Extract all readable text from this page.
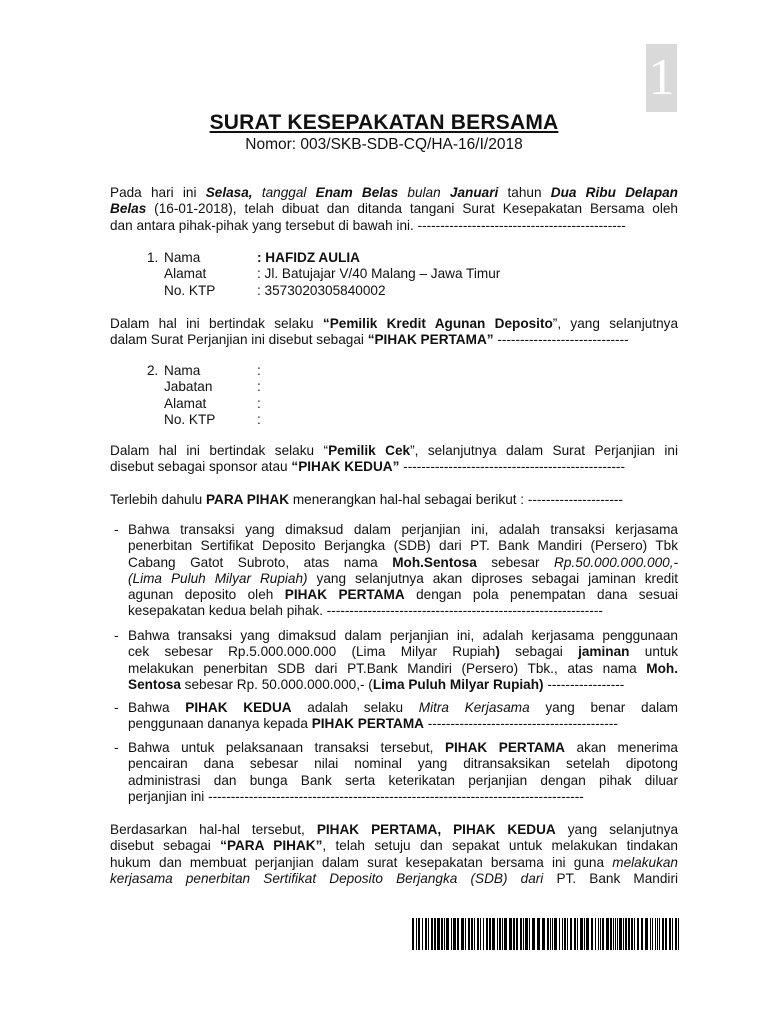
1
SURAT KESEPAKATAN BERSAMA
Nomor: 003/SKB-SDB-CQ/HA-16/I/2018
Pada hari ini Selasa, tanggal Enam Belas bulan Januari tahun Dua Ribu Delapan
Belas (16-01-2018), telah dibuat dan ditanda tangani Surat Kesepakatan Bersama oleh
dan antara pihak-pihak yang tersebut di bawah ini. ----------------------------------------------
1. Nama	: HAFIDZ AULIA
Alamat	: Jl. Batujajar V/40 Malang – Jawa Timur
No. KTP	: 3573020305840002
Dalam hal ini bertindak selaku “Pemilik Kredit Agunan Deposito”, yang selanjutnya
dalam Surat Perjanjian ini disebut sebagai “PIHAK PERTAMA” -----------------------------
2. Nama	:
Jabatan	:
Alamat	:
No. KTP	:
Dalam hal ini bertindak selaku “Pemilik Cek”, selanjutnya dalam Surat Perjanjian ini
disebut sebagai sponsor atau “PIHAK KEDUA” -------------------------------------------------
Terlebih dahulu PARA PIHAK menerangkan hal-hal sebagai berikut : ---------------------
- Bahwa transaksi yang dimaksud dalam perjanjian ini, adalah transaksi kerjasama
penerbitan Sertifikat Deposito Berjangka (SDB) dari PT. Bank Mandiri (Persero) Tbk
Cabang Gatot Subroto, atas nama Moh.Sentosa sebesar Rp.50.000.000.000,-
(Lima Puluh Milyar Rupiah) yang selanjutnya akan diproses sebagai jaminan kredit
agunan deposito oleh PIHAK PERTAMA dengan pola penempatan dana sesuai
kesepakatan kedua belah pihak. -------------------------------------------------------------
- Bahwa transaksi yang dimaksud dalam perjanjian ini, adalah kerjasama penggunaan
cek sebesar Rp.5.000.000.000 (Lima Milyar Rupiah) sebagai jaminan untuk
melakukan penerbitan SDB dari PT.Bank Mandiri (Persero) Tbk., atas nama Moh.
Sentosa sebesar Rp. 50.000.000.000,- (Lima Puluh Milyar Rupiah) -----------------
- Bahwa PIHAK KEDUA adalah selaku Mitra Kerjasama yang benar dalam
penggunaan dananya kepada PIHAK PERTAMA ------------------------------------------
- Bahwa untuk pelaksanaan transaksi tersebut, PIHAK PERTAMA akan menerima
pencairan dana sebesar nilai nominal yang ditransaksikan setelah dipotong
administrasi dan bunga Bank serta keterikatan perjanjian dengan pihak diluar
perjanjian ini -----------------------------------------------------------------------------------
Berdasarkan hal-hal tersebut, PIHAK PERTAMA, PIHAK KEDUA yang selanjutnya
disebut sebagai “PARA PIHAK”, telah setuju dan sepakat untuk melakukan tindakan
hukum dan membuat perjanjian dalam surat kesepakatan bersama ini guna melakukan
kerjasama penerbitan Sertifikat Deposito Berjangka (SDB) dari PT. Bank Mandiri
